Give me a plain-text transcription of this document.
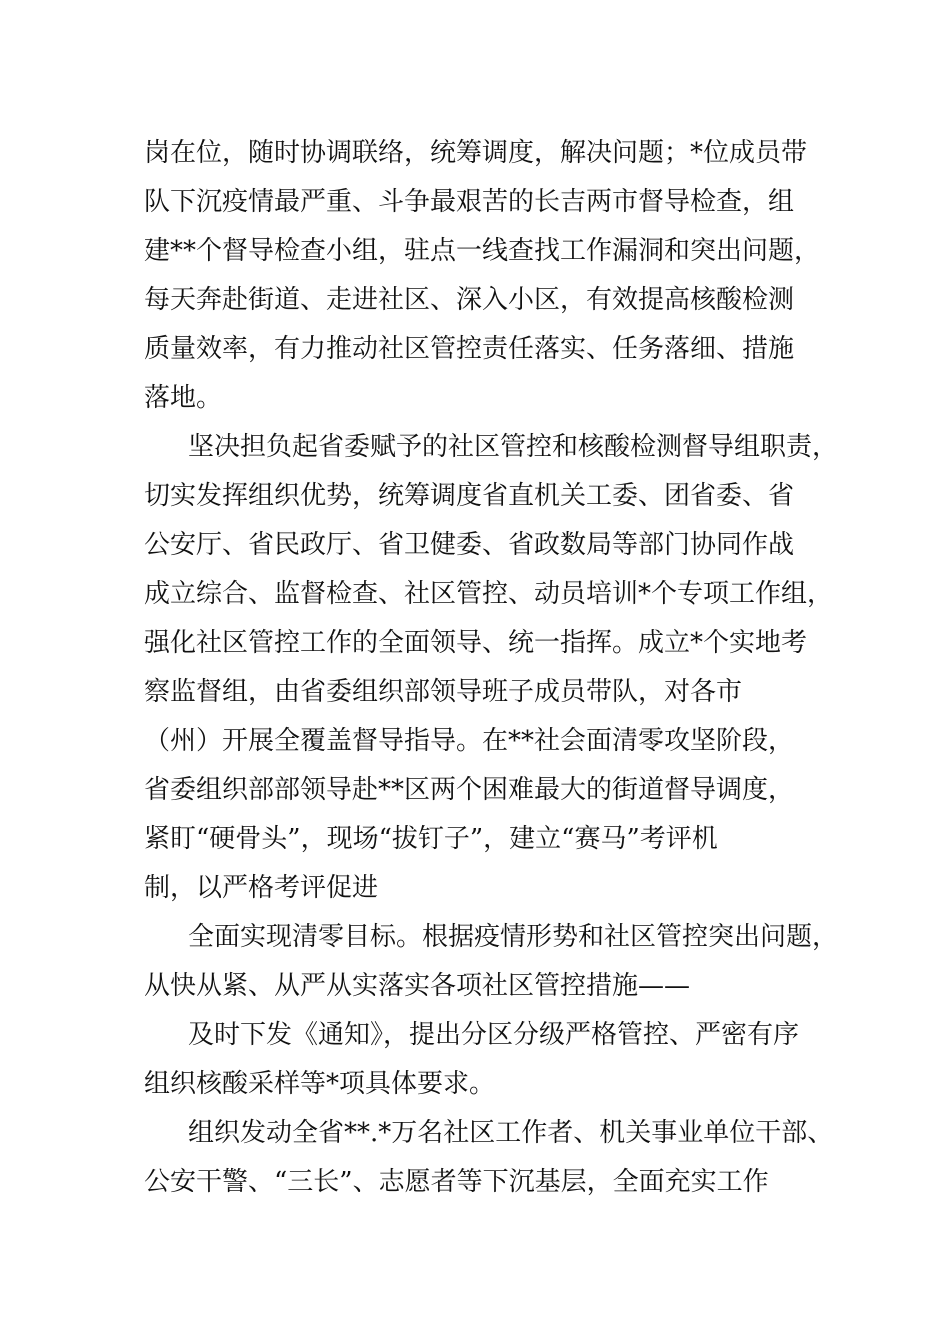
岗在位，随时协调联络，统筹调度，解决问题；*位成员带
队下沉疫情最严重、斗争最艰苦的长吉两市督导检查，组
建**个督导检查小组，驻点一线查找工作漏洞和突出问题，
每天奔赴街道、走进社区、深入小区，有效提高核酸检测
质量效率，有力推动社区管控责任落实、任务落细、措施
落地。

坚决担负起省委赋予的社区管控和核酸检测督导组职责，
切实发挥组织优势，统筹调度省直机关工委、团省委、省
公安厅、省民政厅、省卫健委、省政数局等部门协同作战
成立综合、监督检查、社区管控、动员培训*个专项工作组，
强化社区管控工作的全面领导、统一指挥。成立*个实地考
察监督组，由省委组织部领导班子成员带队，对各市
（州）开展全覆盖督导指导。在**社会面清零攻坚阶段，
省委组织部部领导赴**区两个困难最大的街道督导调度，
紧盯“硬骨头”，现场“拔钉子”，建立“赛马”考评机
制，以严格考评促进

全面实现清零目标。根据疫情形势和社区管控突出问题，
从快从紧、从严从实落实各项社区管控措施——

及时下发《通知》，提出分区分级严格管控、严密有序
组织核酸采样等*项具体要求。

组织发动全省**.*万名社区工作者、机关事业单位干部、
公安干警、“三长”、志愿者等下沉基层，全面充实工作
